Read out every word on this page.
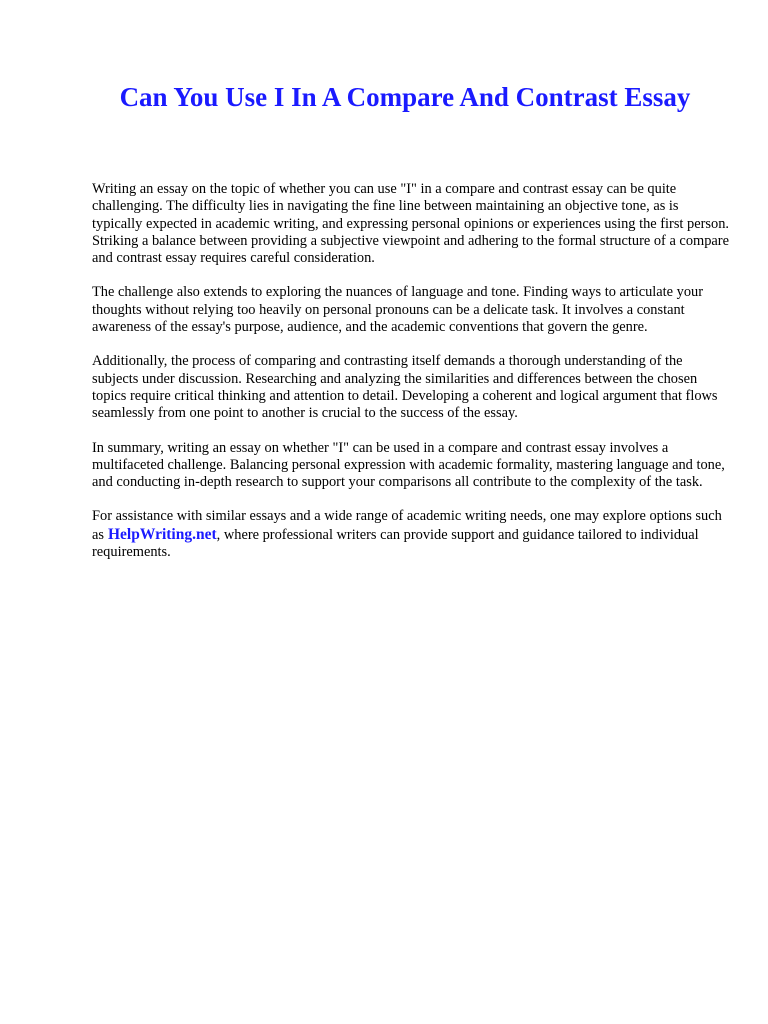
Can You Use I In A Compare And Contrast Essay

Writing an essay on the topic of whether you can use "I" in a compare and contrast essay can be quite challenging. The difficulty lies in navigating the fine line between maintaining an objective tone, as is typically expected in academic writing, and expressing personal opinions or experiences using the first person. Striking a balance between providing a subjective viewpoint and adhering to the formal structure of a compare and contrast essay requires careful consideration.

The challenge also extends to exploring the nuances of language and tone. Finding ways to articulate your thoughts without relying too heavily on personal pronouns can be a delicate task. It involves a constant awareness of the essay's purpose, audience, and the academic conventions that govern the genre.

Additionally, the process of comparing and contrasting itself demands a thorough understanding of the subjects under discussion. Researching and analyzing the similarities and differences between the chosen topics require critical thinking and attention to detail. Developing a coherent and logical argument that flows seamlessly from one point to another is crucial to the success of the essay.

In summary, writing an essay on whether "I" can be used in a compare and contrast essay involves a multifaceted challenge. Balancing personal expression with academic formality, mastering language and tone, and conducting in-depth research to support your comparisons all contribute to the complexity of the task.

For assistance with similar essays and a wide range of academic writing needs, one may explore options such as HelpWriting.net, where professional writers can provide support and guidance tailored to individual requirements.
